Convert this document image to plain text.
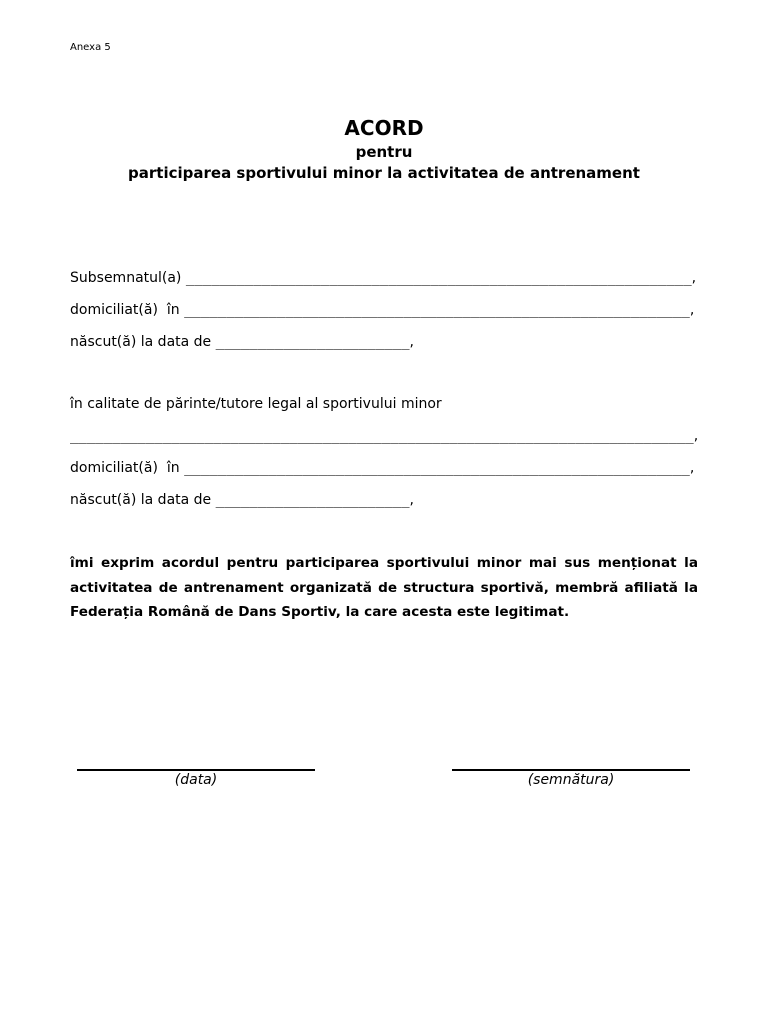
Anexa 5
ACORD
pentru
participarea sportivului minor la activitatea de antrenament
Subsemnatul(a) ____________________________________________________________,
domiciliat(ă)  în ____________________________________________________________,
născut(ă) la data de _______________________,
în calitate de părinte/tutore legal al sportivului minor
__________________________________________________________________________,
domiciliat(ă)  în ____________________________________________________________,
născut(ă) la data de _______________________,
îmi exprim acordul pentru participarea sportivului minor mai sus menționat la
activitatea de antrenament organizată de structura sportivă, membră afiliată la
Federația Română de Dans Sportiv, la care acesta este legitimat.
(data)	(semnătura)
